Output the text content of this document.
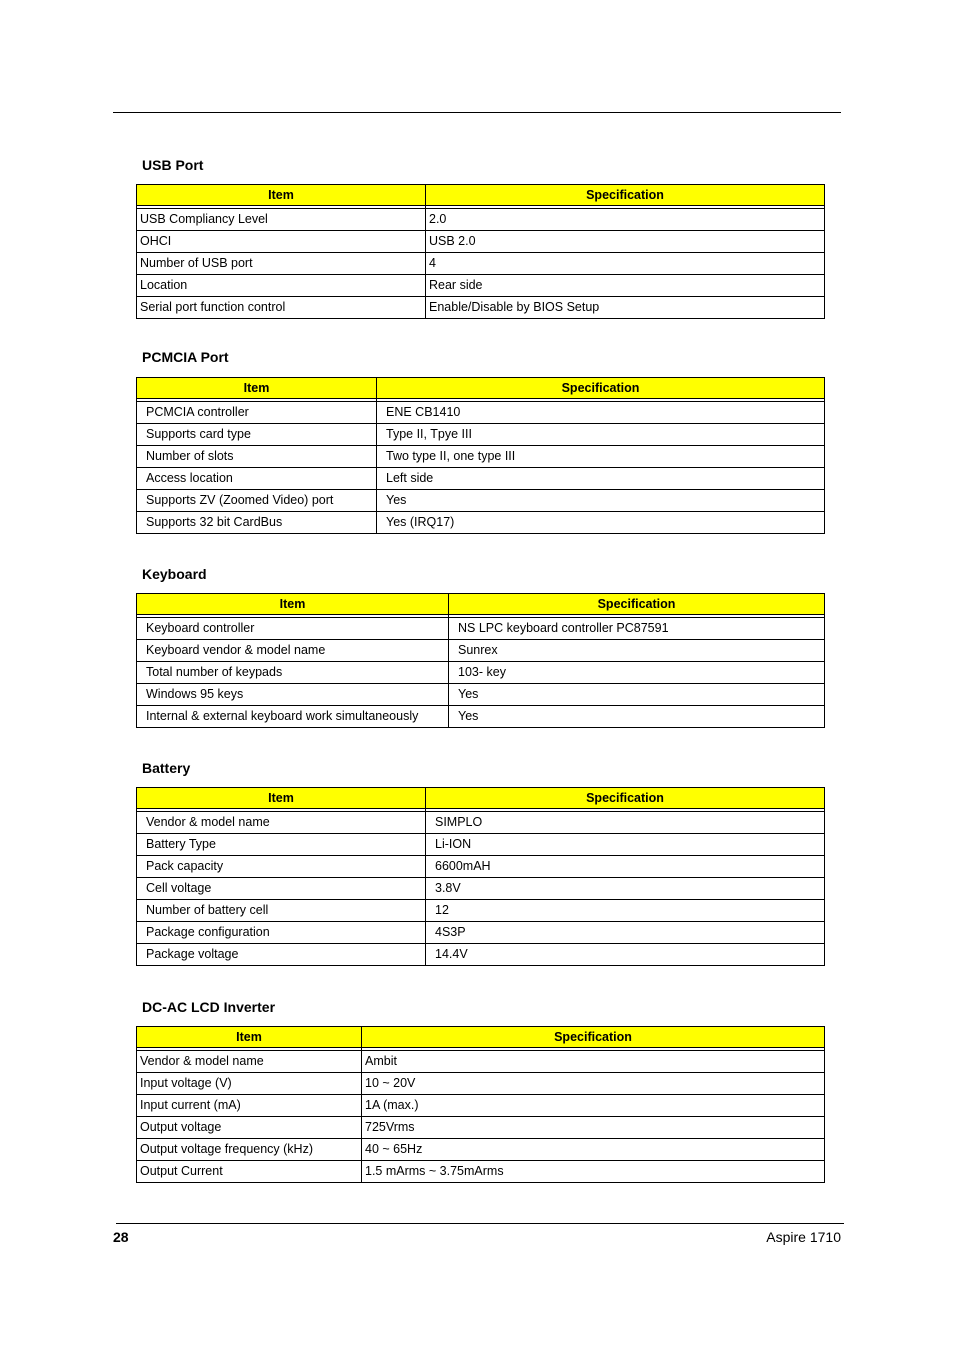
USB Port
Item	Specification

USB Compliancy Level	2.0
OHCI	USB 2.0
Number of USB port	4
Location	Rear side
Serial port function control	Enable/Disable by BIOS Setup
PCMCIA Port
Item	Specification

PCMCIA controller	ENE CB1410
Supports card type	Type II, Tpye III
Number of slots	Two type II, one type III
Access location	Left side
Supports ZV (Zoomed Video) port	Yes
Supports 32 bit CardBus	Yes (IRQ17)
Keyboard
Item	Specification

Keyboard controller	NS LPC keyboard controller PC87591
Keyboard vendor & model name	Sunrex
Total number of keypads	103- key
Windows 95 keys	Yes
Internal & external keyboard work simultaneously	Yes
Battery
Item	Specification

Vendor & model name	SIMPLO
Battery Type	Li-ION
Pack capacity	6600mAH
Cell voltage	3.8V
Number of battery cell	12
Package configuration	4S3P
Package voltage	14.4V
DC-AC LCD Inverter
Item	Specification

Vendor & model name	Ambit
Input voltage (V)	10 ~ 20V
Input current (mA)	1A (max.)
Output voltage	725Vrms
Output voltage frequency (kHz)	40 ~ 65Hz
Output Current	1.5 mArms ~ 3.75mArms
28	Aspire 1710
